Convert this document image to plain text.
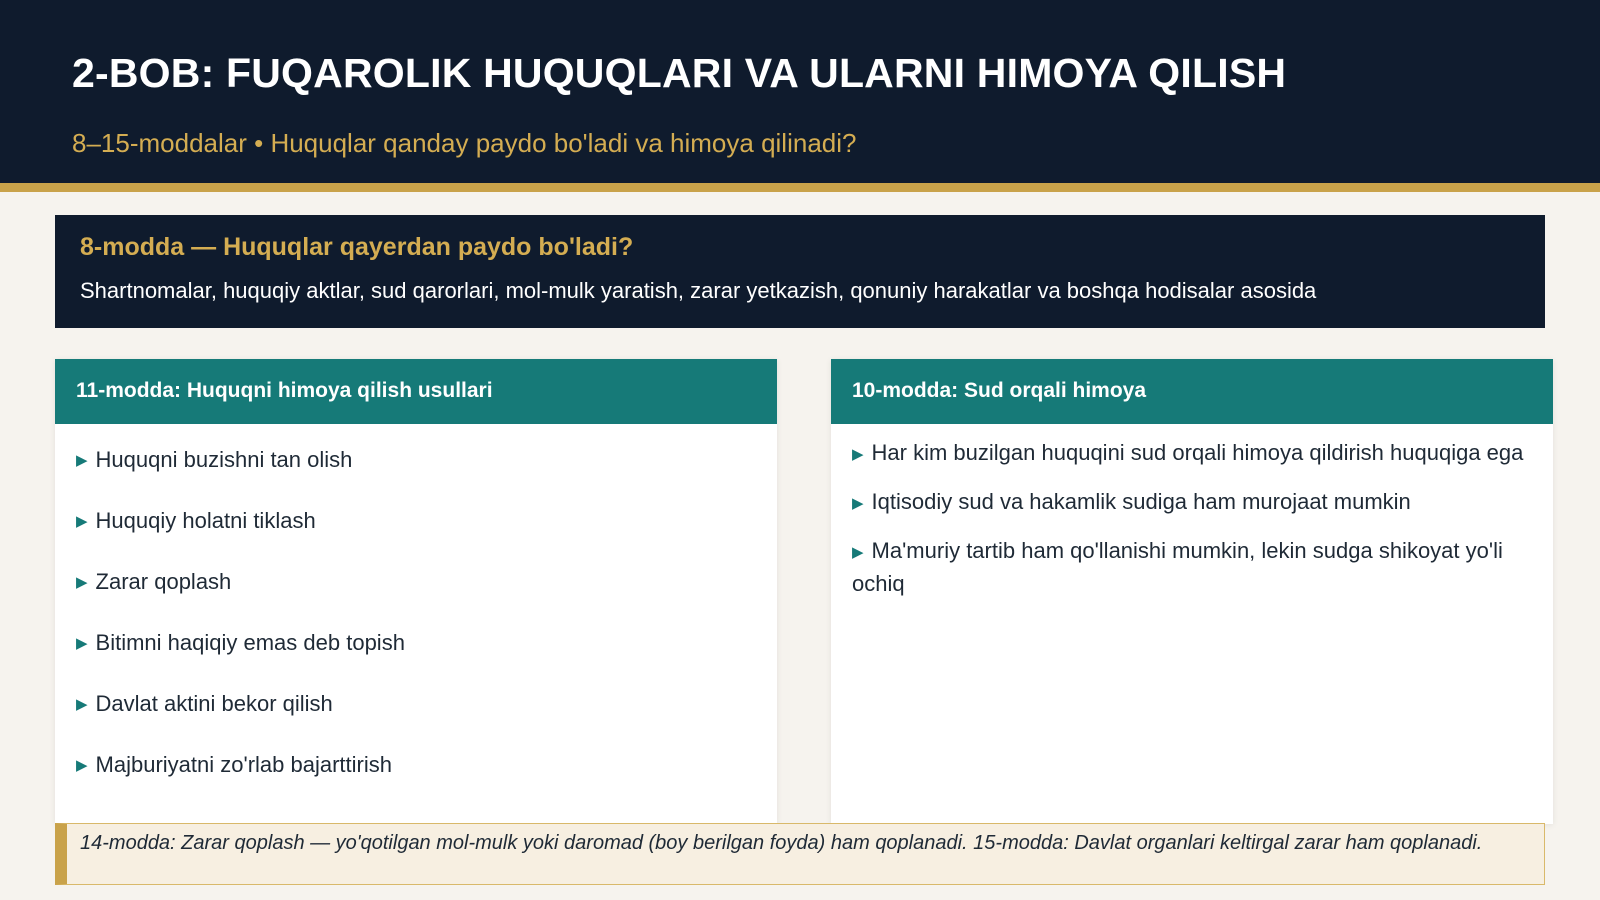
2-BOB: FUQAROLIK HUQUQLARI VA ULARNI HIMOYA QILISH

8–15-moddalar • Huquqlar qanday paydo bo'ladi va himoya qilinadi?

8-modda — Huquqlar qayerdan paydo bo'ladi?

Shartnomalar, huquqiy aktlar, sud qarorlari, mol-mulk yaratish, zarar yetkazish, qonuniy harakatlar va boshqa hodisalar asosida

11-modda: Huquqni himoya qilish usullari
▶ Huquqni buzishni tan olish
▶ Huquqiy holatni tiklash
▶ Zarar qoplash
▶ Bitimni haqiqiy emas deb topish
▶ Davlat aktini bekor qilish
▶ Majburiyatni zo'rlab bajarttirish
10-modda: Sud orqali himoya
▶ Har kim buzilgan huquqini sud orqali himoya qildirish huquqiga ega
▶ Iqtisodiy sud va hakamlik sudiga ham murojaat mumkin
▶ Ma'muriy tartib ham qo'llanishi mumkin, lekin sudga shikoyat yo'li ochiq
14-modda: Zarar qoplash — yo'qotilgan mol-mulk yoki daromad (boy berilgan foyda) ham qoplanadi. 15-modda: Davlat organlari keltirgal zarar ham qoplanadi.
